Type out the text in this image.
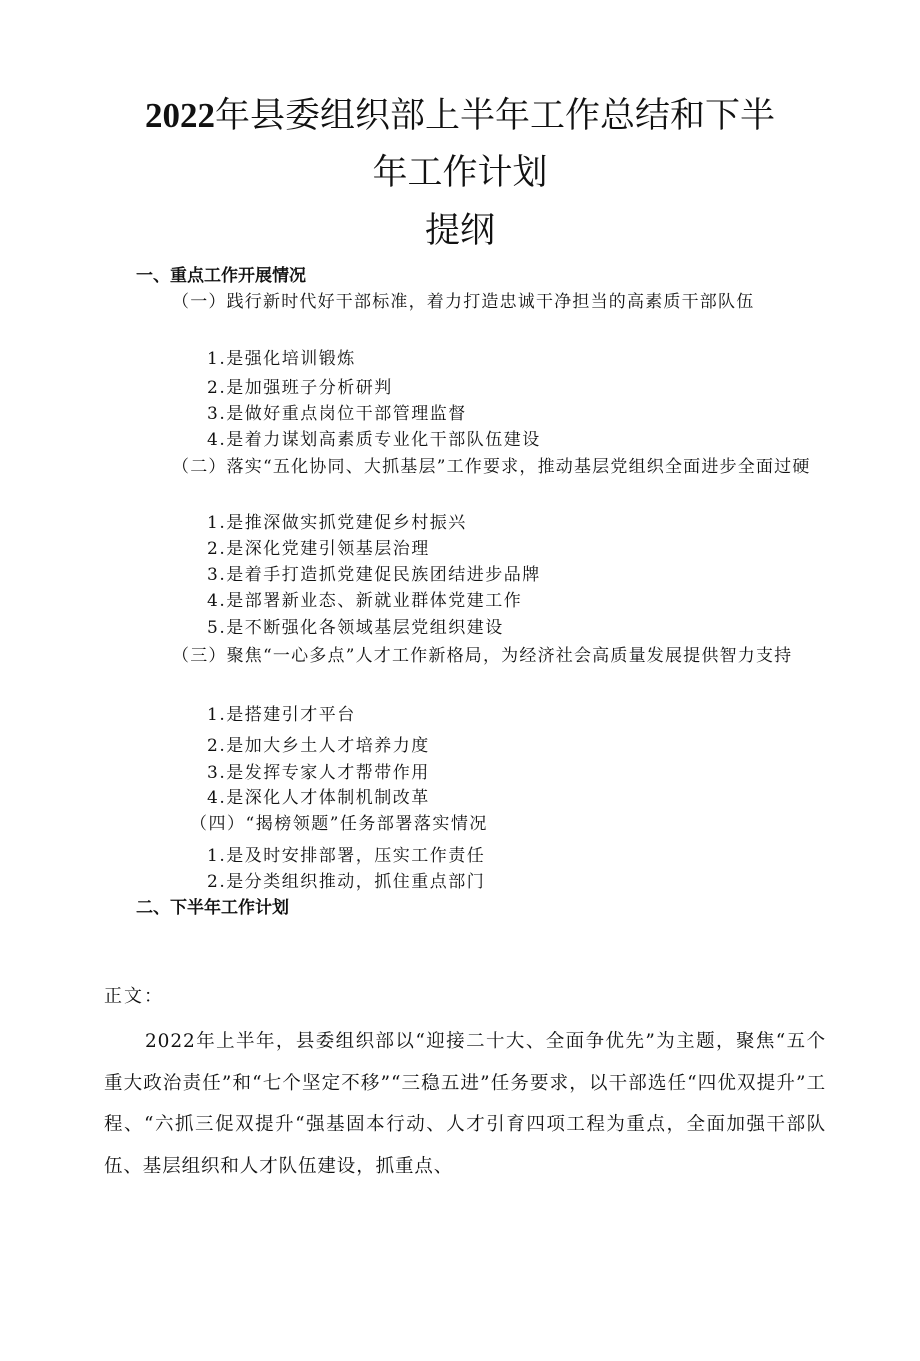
2022年县委组织部上半年工作总结和下半
年工作计划
提纲
一、重点工作开展情况
（一）践行新时代好干部标准，着力打造忠诚干净担当的高素质干部队伍
1.是强化培训锻炼
2.是加强班子分析研判
3.是做好重点岗位干部管理监督
4.是着力谋划高素质专业化干部队伍建设
（二）落实“五化协同、大抓基层”工作要求，推动基层党组织全面进步全面过硬
1.是推深做实抓党建促乡村振兴
2.是深化党建引领基层治理
3.是着手打造抓党建促民族团结进步品牌
4.是部署新业态、新就业群体党建工作
5.是不断强化各领域基层党组织建设
（三）聚焦“一心多点”人才工作新格局，为经济社会高质量发展提供智力支持
1.是搭建引才平台
2.是加大乡土人才培养力度
3.是发挥专家人才帮带作用
4.是深化人才体制机制改革
（四）“揭榜领题”任务部署落实情况
1.是及时安排部署，压实工作责任
2.是分类组织推动，抓住重点部门
二、下半年工作计划
正文：
2022年上半年，县委组织部以“迎接二十大、全面争优先”为主题，聚焦“五个重大政治责任”和“七个坚定不移”“三稳五进”任务要求，以干部选任“四优双提升”工程、“六抓三促双提升“强基固本行动、人才引育四项工程为重点，全面加强干部队伍、基层组织和人才队伍建设，抓重点、
